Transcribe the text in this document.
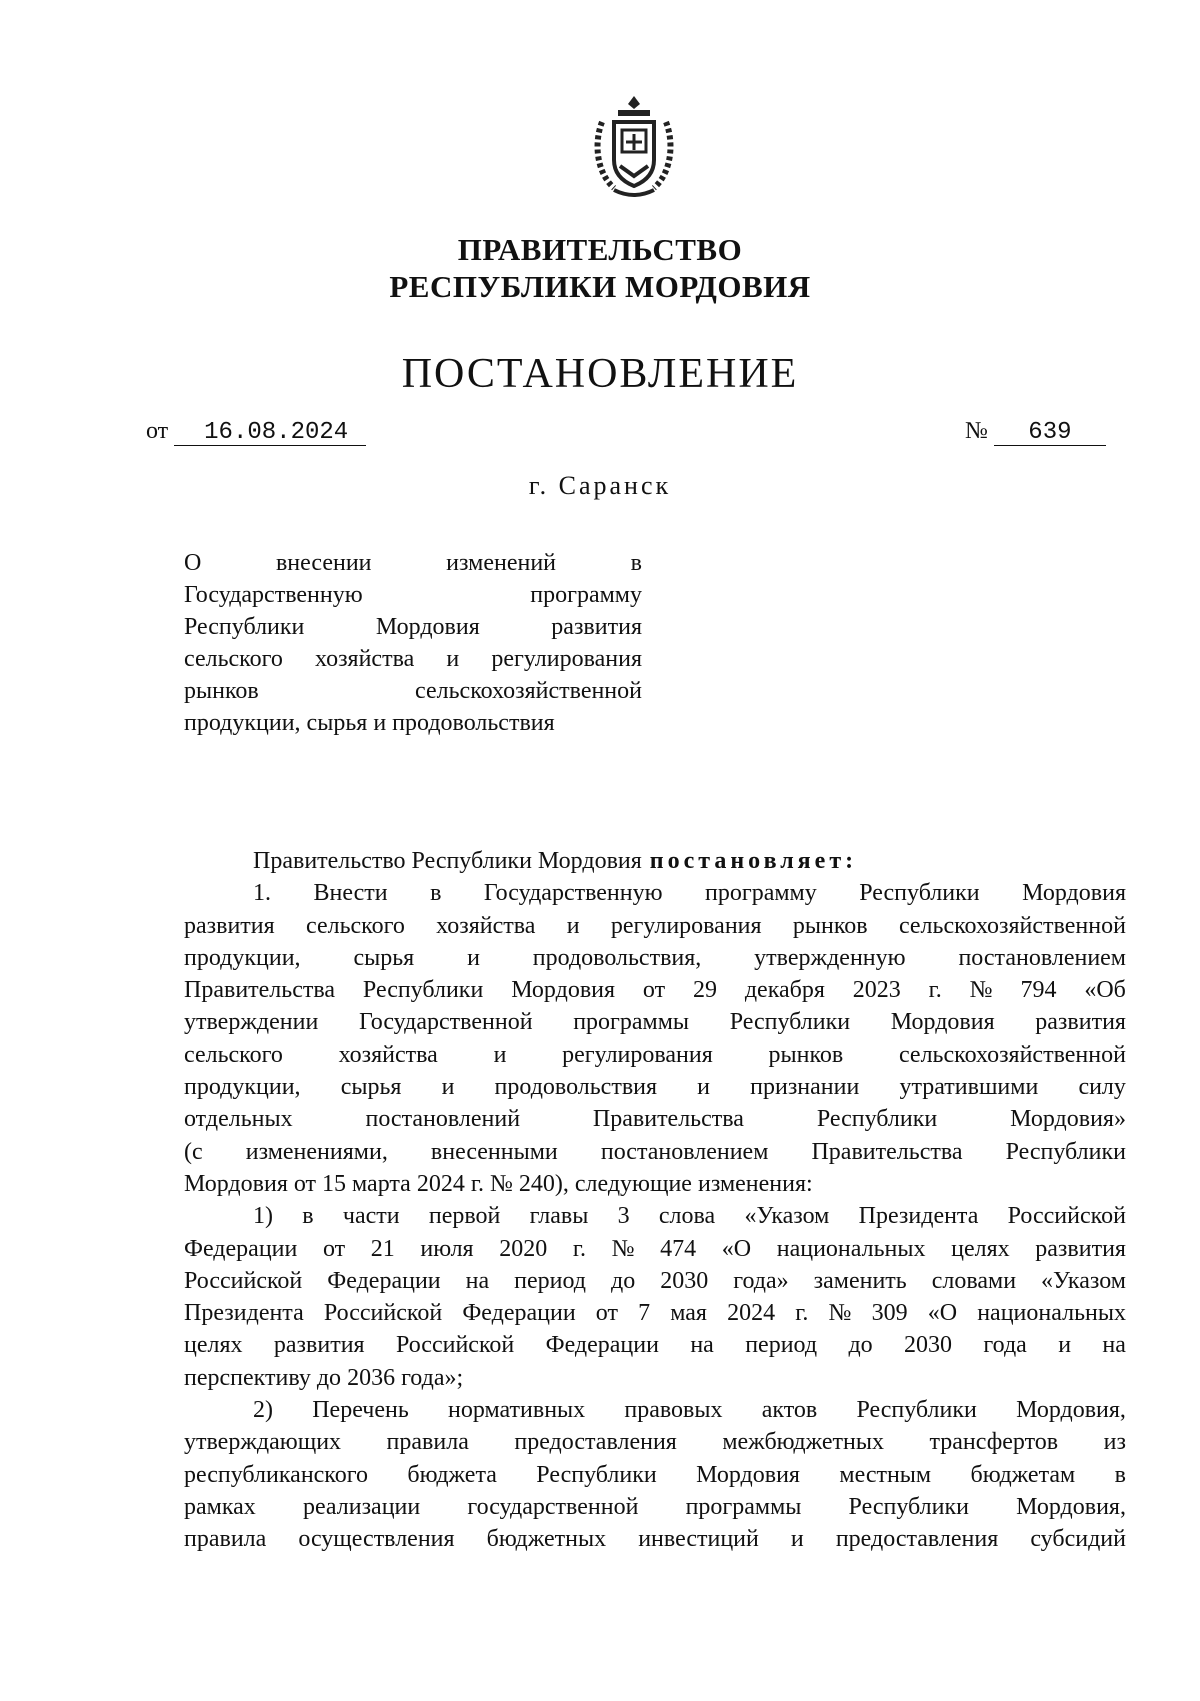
ПРАВИТЕЛЬСТВО
РЕСПУБЛИКИ МОРДОВИЯ
ПОСТАНОВЛЕНИЕ
от 16.08.2024	№ 639
г. Саранск
О	внесении	изменений	в
Государственную	программу
Республики	Мордовия	развития
сельского хозяйства и регулирования
рынков	сельскохозяйственной
продукции, сырья и продовольствия
Правительство Республики Мордовия постановляет:
1. Внести в Государственную программу Республики Мордовия
развития сельского хозяйства и регулирования рынков сельскохозяйственной
продукции, сырья и продовольствия, утвержденную постановлением
Правительства Республики Мордовия от 29 декабря 2023 г. № 794 «Об
утверждении Государственной программы Республики Мордовия развития
сельского хозяйства и регулирования рынков сельскохозяйственной
продукции, сырья и продовольствия и признании утратившими силу
отдельных	постановлений	Правительства	Республики	Мордовия»
(с изменениями, внесенными постановлением Правительства Республики
Мордовия от 15 марта 2024 г. № 240), следующие изменения:
1) в части первой главы 3 слова «Указом Президента Российской
Федерации от 21 июля 2020 г. № 474 «О национальных целях развития
Российской Федерации на период до 2030 года» заменить словами «Указом
Президента Российской Федерации от 7 мая 2024 г. № 309 «О национальных
целях развития Российской Федерации на период до 2030 года и на
перспективу до 2036 года»;
2) Перечень нормативных правовых актов Республики Мордовия,
утверждающих правила предоставления межбюджетных трансфертов из
республиканского бюджета Республики Мордовия местным бюджетам в
рамках реализации государственной программы Республики Мордовия,
правила осуществления бюджетных инвестиций и предоставления субсидий
